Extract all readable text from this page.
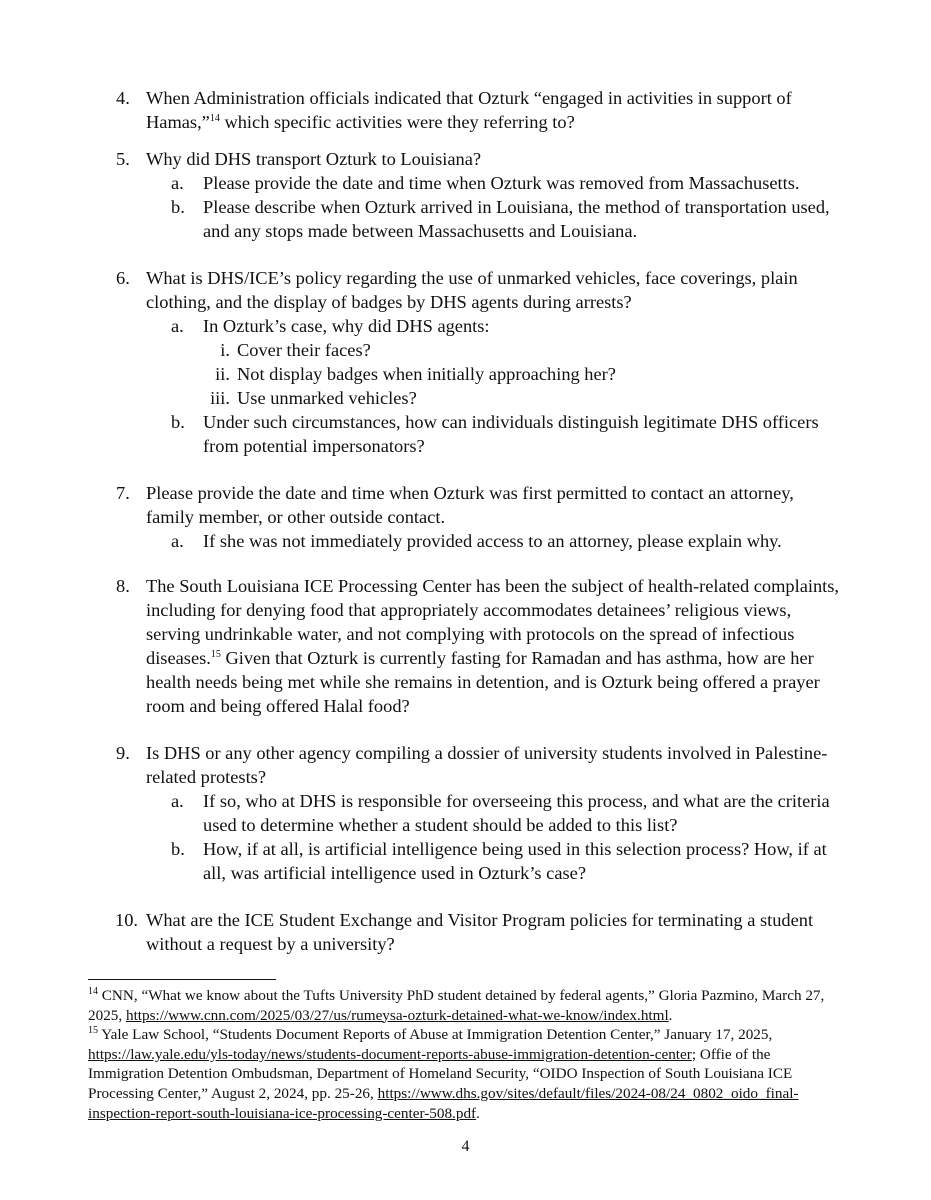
4. When Administration officials indicated that Ozturk “engaged in activities in support of Hamas,”$^{14}$ which specific activities were they referring to?
5. Why did DHS transport Ozturk to Louisiana?
a. Please provide the date and time when Ozturk was removed from Massachusetts.
b. Please describe when Ozturk arrived in Louisiana, the method of transportation used, and any stops made between Massachusetts and Louisiana.
6. What is DHS/ICE’s policy regarding the use of unmarked vehicles, face coverings, plain clothing, and the display of badges by DHS agents during arrests?
a. In Ozturk’s case, why did DHS agents:
i. Cover their faces?
ii. Not display badges when initially approaching her?
iii. Use unmarked vehicles?
b. Under such circumstances, how can individuals distinguish legitimate DHS officers from potential impersonators?
7. Please provide the date and time when Ozturk was first permitted to contact an attorney, family member, or other outside contact.
a. If she was not immediately provided access to an attorney, please explain why.
8. The South Louisiana ICE Processing Center has been the subject of health-related complaints, including for denying food that appropriately accommodates detainees’ religious views, serving undrinkable water, and not complying with protocols on the spread of infectious diseases.$^{15}$ Given that Ozturk is currently fasting for Ramadan and has asthma, how are her health needs being met while she remains in detention, and is Ozturk being offered a prayer room and being offered Halal food?
9. Is DHS or any other agency compiling a dossier of university students involved in Palestine-related protests?
a. If so, who at DHS is responsible for overseeing this process, and what are the criteria used to determine whether a student should be added to this list?
b. How, if at all, is artificial intelligence being used in this selection process? How, if at all, was artificial intelligence used in Ozturk’s case?
10. What are the ICE Student Exchange and Visitor Program policies for terminating a student without a request by a university?

$^{14}$ CNN, “What we know about the Tufts University PhD student detained by federal agents,” Gloria Pazmino, March 27, 2025, https://www.cnn.com/2025/03/27/us/rumeysa-ozturk-detained-what-we-know/index.html.

$^{15}$ Yale Law School, “Students Document Reports of Abuse at Immigration Detention Center,” January 17, 2025, https://law.yale.edu/yls-today/news/students-document-reports-abuse-immigration-detention-center; Offie of the Immigration Detention Ombudsman, Department of Homeland Security, “OIDO Inspection of South Louisiana ICE Processing Center,” August 2, 2024, pp. 25-26, https://www.dhs.gov/sites/default/files/2024-08/24_0802_oido_final-inspection-report-south-louisiana-ice-processing-center-508.pdf.

4
